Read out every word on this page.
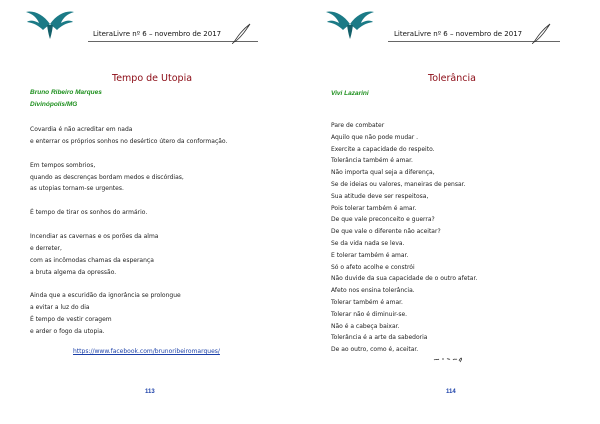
LiteraLivre nº 6 – novembro de 2017
Tempo de Utopia
Bruno Ribeiro Marques
Divinópolis/MG
Covardia é não acreditar em nada
e enterrar os próprios sonhos no desértico útero da conformação.
Em tempos sombrios,
quando as descrenças bordam medos e discórdias,
as utopias tornam-se urgentes.
É tempo de tirar os sonhos do armário.
Incendiar as cavernas e os porões da alma
e derreter,
com as incômodas chamas da esperança
a bruta algema da opressão.
Ainda que a escuridão da ignorância se prolongue
a evitar a luz do dia
É tempo de vestir coragem
e arder o fogo da utopia.
https://www.facebook.com/brunoribeiromarques/
113
LiteraLivre nº 6 – novembro de 2017
Tolerância
Vivi Lazarini
Pare de combater
Aquilo que não pode mudar .
Exercite a capacidade do respeito.
Tolerância também é amar.
Não importa qual seja a diferença,
Se de ideias ou valores, maneiras de pensar.
Sua atitude deve ser respeitosa,
Pois tolerar também é amar.
De que vale preconceito e guerra?
De que vale o diferente não aceitar?
Se da vida nada se leva.
E tolerar também é amar.
Só o afeto acolhe e constrói
Não duvide da sua capacidade de o outro afetar.
Afeto nos ensina tolerância.
Tolerar também é amar.
Tolerar não é diminuir-se.
Não é a cabeça baixar.
Tolerância é a arte da sabedoria
De ao outro, como é, aceitar.
114
